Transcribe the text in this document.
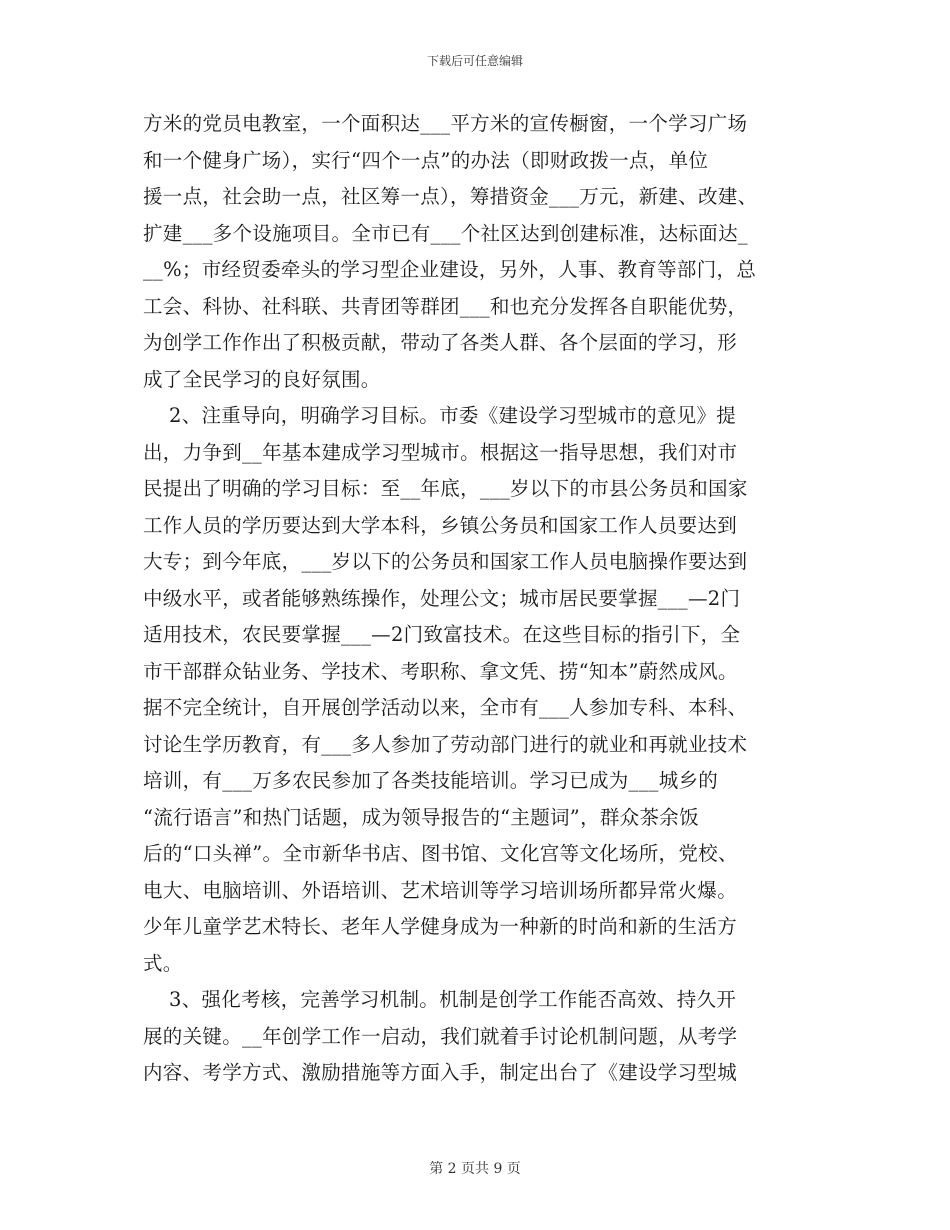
下载后可任意编辑
方米的党员电教室，一个面积达___平方米的宣传橱窗，一个学习广场
和一个健身广场），实行“四个一点”的办法（即财政拨一点，单位
援一点，社会助一点，社区筹一点），筹措资金___万元，新建、改建、
扩建___多个设施项目。全市已有___个社区达到创建标准，达标面达_
__%；市经贸委牵头的学习型企业建设，另外，人事、教育等部门，总
工会、科协、社科联、共青团等群团___和也充分发挥各自职能优势，
为创学工作作出了积极贡献，带动了各类人群、各个层面的学习，形
成了全民学习的良好氛围。
2、注重导向，明确学习目标。市委《建设学习型城市的意见》提
出，力争到__年基本建成学习型城市。根据这一指导思想，我们对市
民提出了明确的学习目标：至__年底，___岁以下的市县公务员和国家
工作人员的学历要达到大学本科，乡镇公务员和国家工作人员要达到
大专；到今年底，___岁以下的公务员和国家工作人员电脑操作要达到
中级水平，或者能够熟练操作，处理公文；城市居民要掌握___—2门
适用技术，农民要掌握___—2门致富技术。在这些目标的指引下，全
市干部群众钻业务、学技术、考职称、拿文凭、捞“知本”蔚然成风。
据不完全统计，自开展创学活动以来，全市有___人参加专科、本科、
讨论生学历教育，有___多人参加了劳动部门进行的就业和再就业技术
培训，有___万多农民参加了各类技能培训。学习已成为___城乡的
“流行语言”和热门话题，成为领导报告的“主题词”，群众茶余饭
后的“口头禅”。全市新华书店、图书馆、文化宫等文化场所，党校、
电大、电脑培训、外语培训、艺术培训等学习培训场所都异常火爆。
少年儿童学艺术特长、老年人学健身成为一种新的时尚和新的生活方
式。
3、强化考核，完善学习机制。机制是创学工作能否高效、持久开
展的关键。__年创学工作一启动，我们就着手讨论机制问题，从考学
内容、考学方式、激励措施等方面入手，制定出台了《建设学习型城
第 2 页共 9 页
